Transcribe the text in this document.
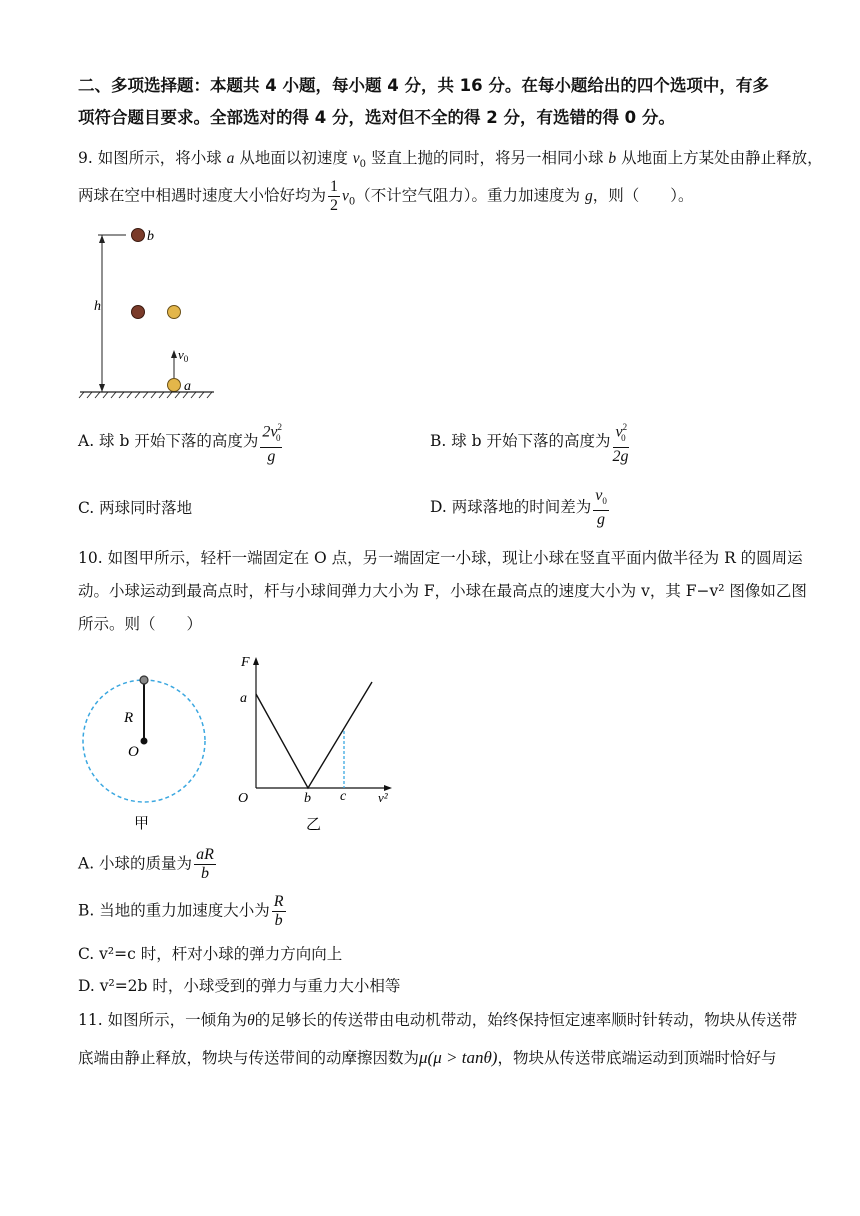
二、多项选择题：本题共 4 小题，每小题 4 分，共 16 分。在每小题给出的四个选项中，有多
项符合题目要求。全部选对的得 4 分，选对但不全的得 2 分，有选错的得 0 分。
9. 如图所示，将小球 a 从地面以初速度 $v_0$ 竖直上抛的同时，将另一相同小球 b 从地面上方某处由静止释放，
两球在空中相遇时速度大小恰好均为 $\frac{1}{2} v_0$（不计空气阻力）。重力加速度为 g，则（　　）。
h
b
$v_0$
a
A. 球 b 开始下落的高度为 $\frac{2v^2_0}{g}$	B. 球 b 开始下落的高度为 $\frac{v^2_0}{2g}$
C. 两球同时落地	D. 两球落地的时间差为 $\frac{v_0}{g}$
10. 如图甲所示，轻杆一端固定在 O 点，另一端固定一小球，现让小球在竖直平面内做半径为 R 的圆周运
动。小球运动到最高点时，杆与小球间弹力大小为 F，小球在最高点的速度大小为 v，其 F−v² 图像如乙图
所示。则（　　）
R
O
甲
F
a
O	b c v²
乙
A. 小球的质量为 $\frac{aR}{b}$
B. 当地的重力加速度大小为 $\frac{R}{b}$
C. v²=c 时，杆对小球的弹力方向向上
D. v²=2b 时，小球受到的弹力与重力大小相等
11. 如图所示，一倾角为θ的足够长的传送带由电动机带动，始终保持恒定速率顺时针转动，物块从传送带
底端由静止释放，物块与传送带间的动摩擦因数为μ(μ > tanθ)，物块从传送带底端运动到顶端时恰好与
